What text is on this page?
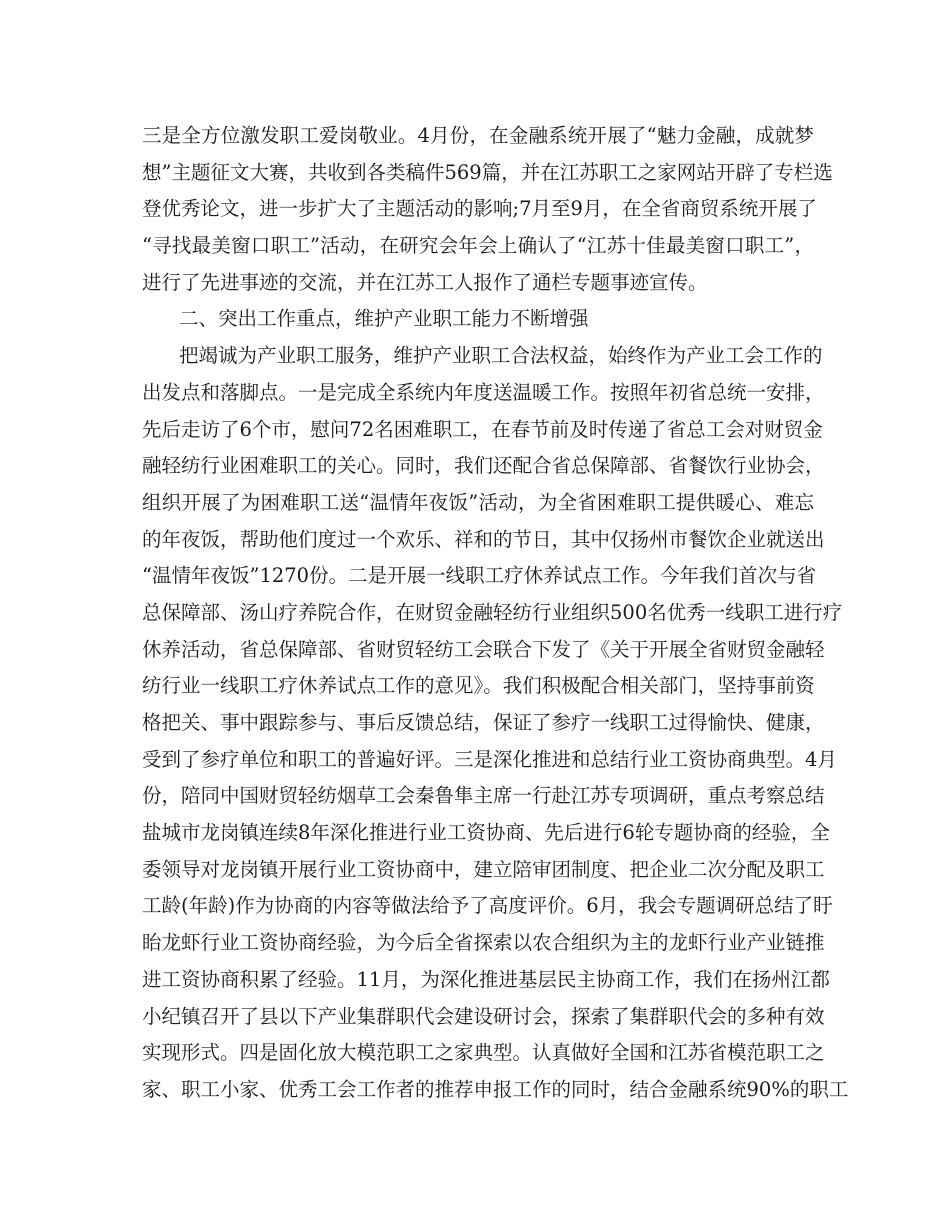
三是全方位激发职工爱岗敬业。4月份，在金融系统开展了“魅力金融，成就梦
想”主题征文大赛，共收到各类稿件569篇，并在江苏职工之家网站开辟了专栏选
登优秀论文，进一步扩大了主题活动的影响;7月至9月，在全省商贸系统开展了
“寻找最美窗口职工”活动，在研究会年会上确认了“江苏十佳最美窗口职工”，
进行了先进事迹的交流，并在江苏工人报作了通栏专题事迹宣传。
二、突出工作重点，维护产业职工能力不断增强
把竭诚为产业职工服务，维护产业职工合法权益，始终作为产业工会工作的
出发点和落脚点。一是完成全系统内年度送温暖工作。按照年初省总统一安排，
先后走访了6个市，慰问72名困难职工，在春节前及时传递了省总工会对财贸金
融轻纺行业困难职工的关心。同时，我们还配合省总保障部、省餐饮行业协会，
组织开展了为困难职工送“温情年夜饭”活动，为全省困难职工提供暖心、难忘
的年夜饭，帮助他们度过一个欢乐、祥和的节日，其中仅扬州市餐饮企业就送出
“温情年夜饭”1270份。二是开展一线职工疗休养试点工作。今年我们首次与省
总保障部、汤山疗养院合作，在财贸金融轻纺行业组织500名优秀一线职工进行疗
休养活动，省总保障部、省财贸轻纺工会联合下发了《关于开展全省财贸金融轻
纺行业一线职工疗休养试点工作的意见》。我们积极配合相关部门，坚持事前资
格把关、事中跟踪参与、事后反馈总结，保证了参疗一线职工过得愉快、健康，
受到了参疗单位和职工的普遍好评。三是深化推进和总结行业工资协商典型。4月
份，陪同中国财贸轻纺烟草工会秦鲁隼主席一行赴江苏专项调研，重点考察总结
盐城市龙岗镇连续8年深化推进行业工资协商、先后进行6轮专题协商的经验，全
委领导对龙岗镇开展行业工资协商中，建立陪审团制度、把企业二次分配及职工
工龄(年龄)作为协商的内容等做法给予了高度评价。6月，我会专题调研总结了盱
眙龙虾行业工资协商经验，为今后全省探索以农合组织为主的龙虾行业产业链推
进工资协商积累了经验。11月，为深化推进基层民主协商工作，我们在扬州江都
小纪镇召开了县以下产业集群职代会建设研讨会，探索了集群职代会的多种有效
实现形式。四是固化放大模范职工之家典型。认真做好全国和江苏省模范职工之
家、职工小家、优秀工会工作者的推荐申报工作的同时，结合金融系统90%的职工
